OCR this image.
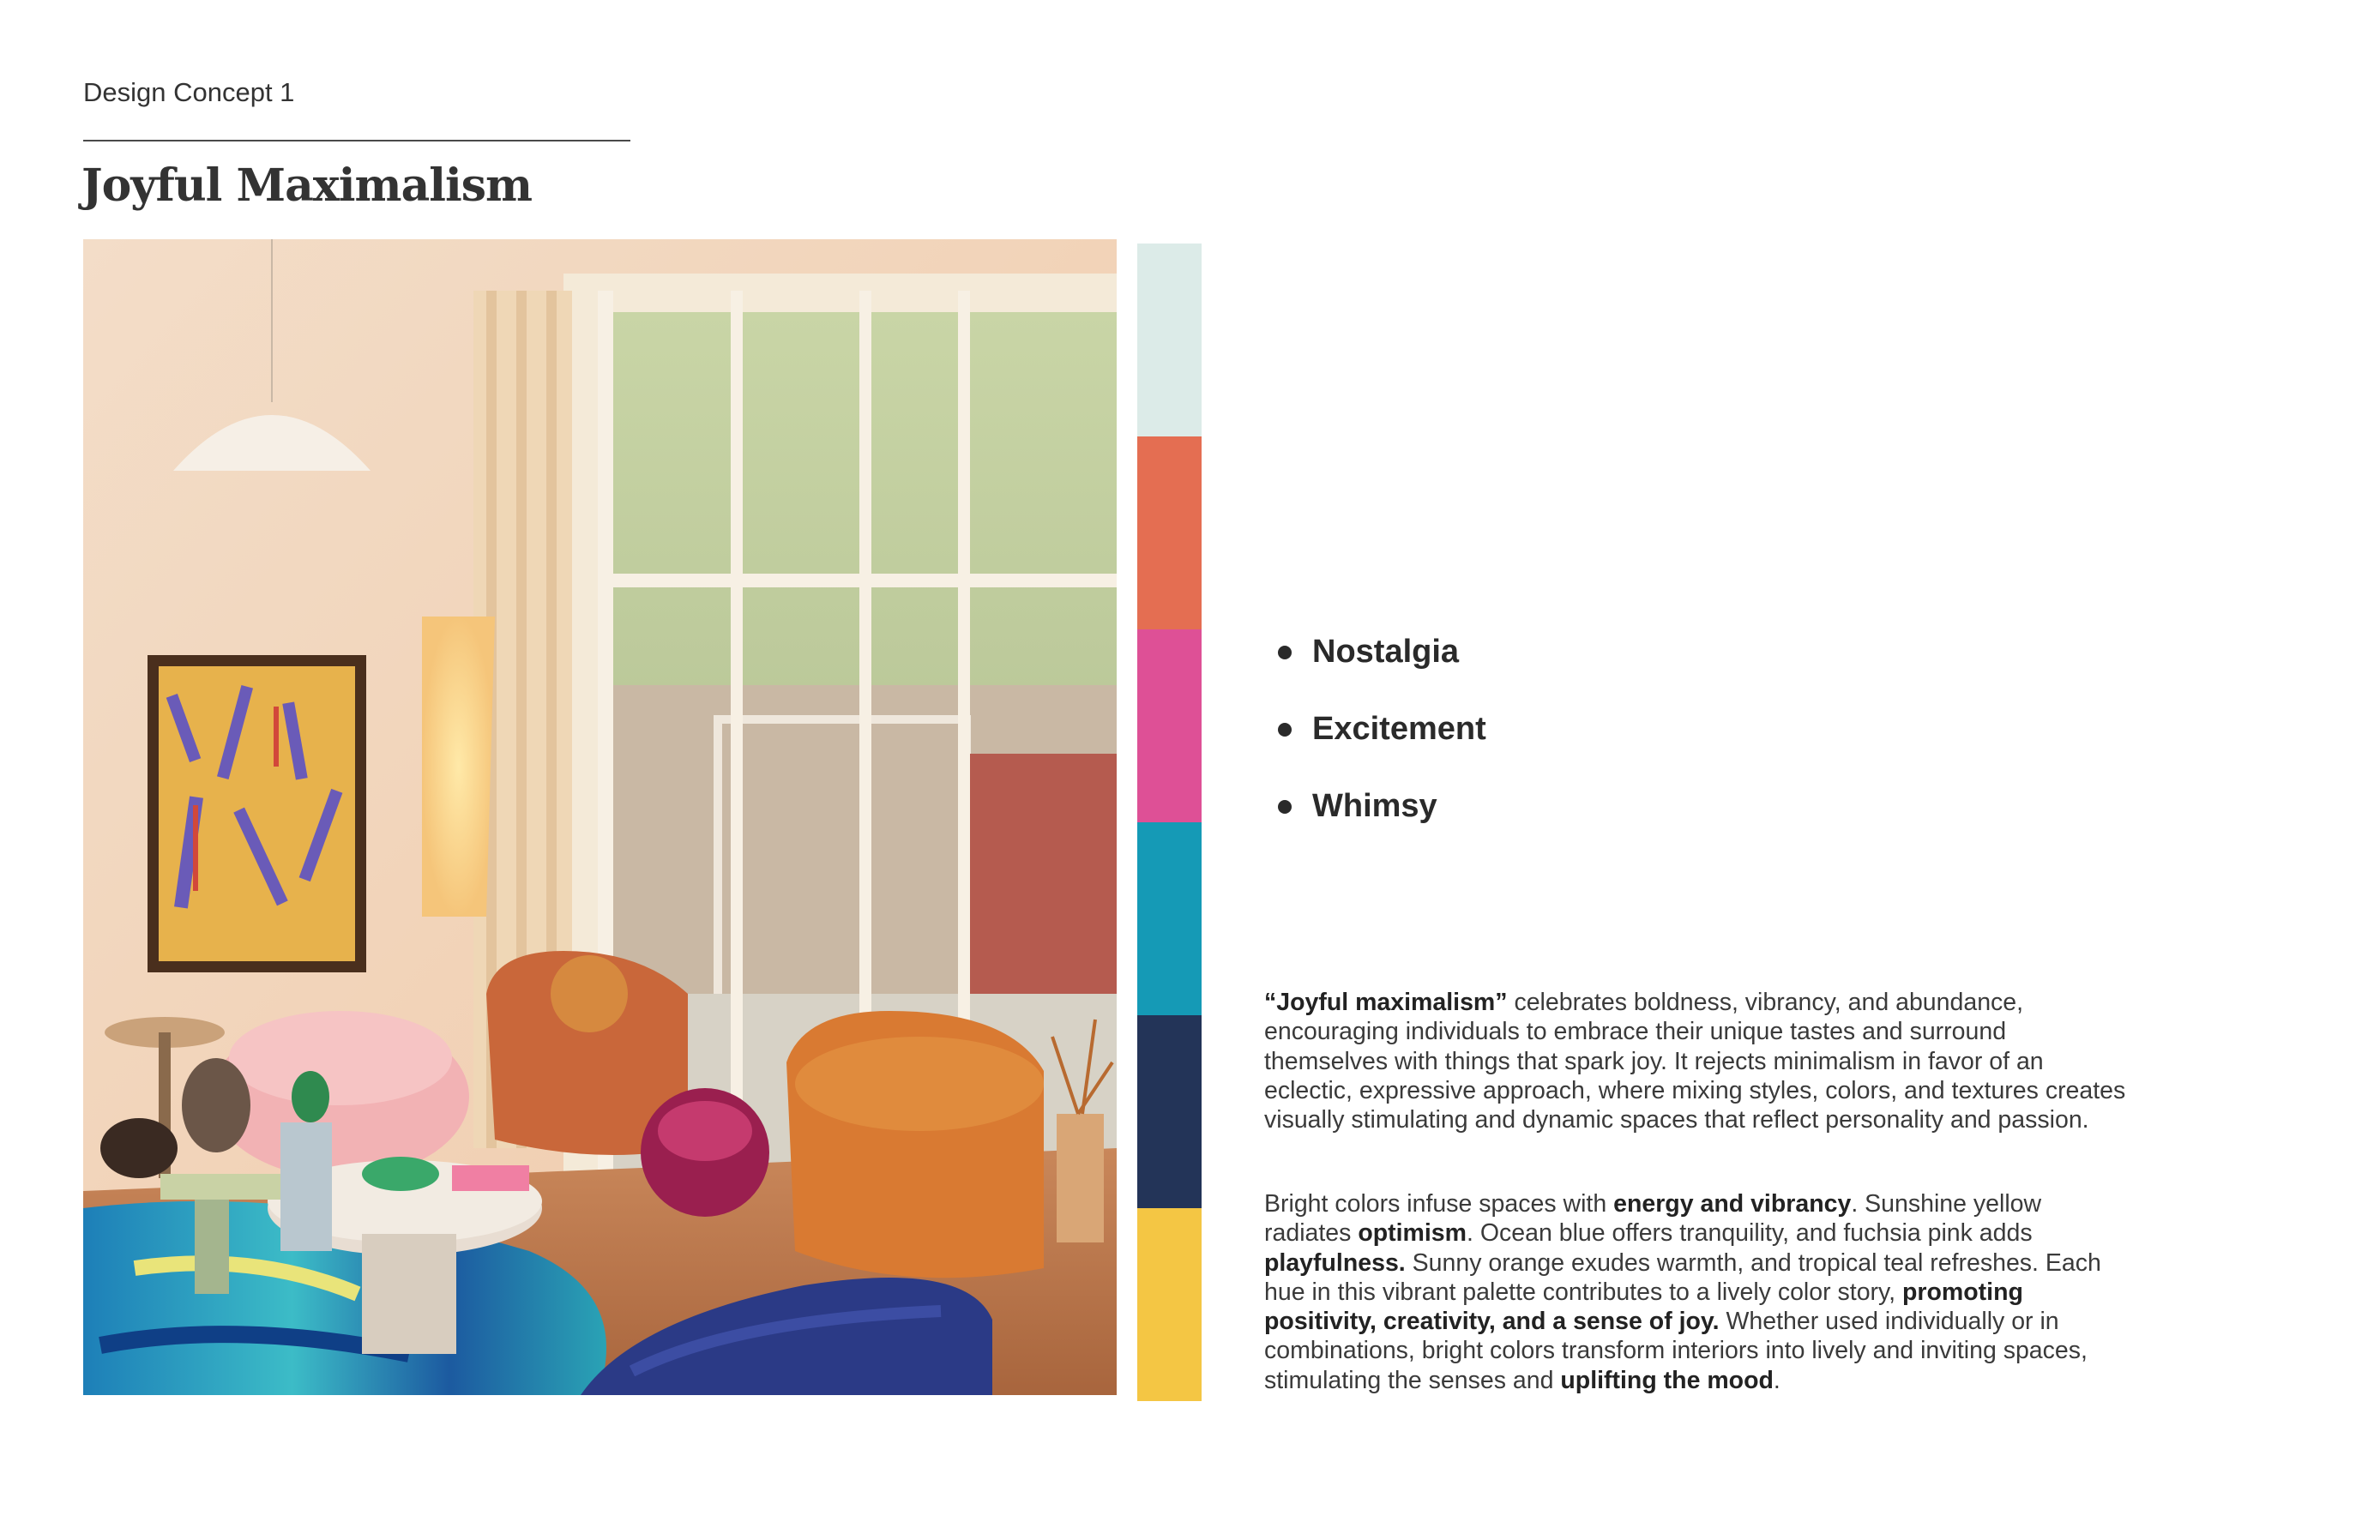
Design Concept 1
Joyful Maximalism
Nostalgia
Excitement
Whimsy

“Joyful maximalism” celebrates boldness, vibrancy, and abundance, encouraging individuals to embrace their unique tastes and surround themselves with things that spark joy. It rejects minimalism in favor of an eclectic, expressive approach, where mixing styles, colors, and textures creates visually stimulating and dynamic spaces that reflect personality and passion.

Bright colors infuse spaces with energy and vibrancy. Sunshine yellow radiates optimism. Ocean blue offers tranquility, and fuchsia pink adds playfulness. Sunny orange exudes warmth, and tropical teal refreshes. Each hue in this vibrant palette contributes to a lively color story, promoting positivity, creativity, and a sense of joy. Whether used individually or in combinations, bright colors transform interiors into lively and inviting spaces, stimulating the senses and uplifting the mood.
